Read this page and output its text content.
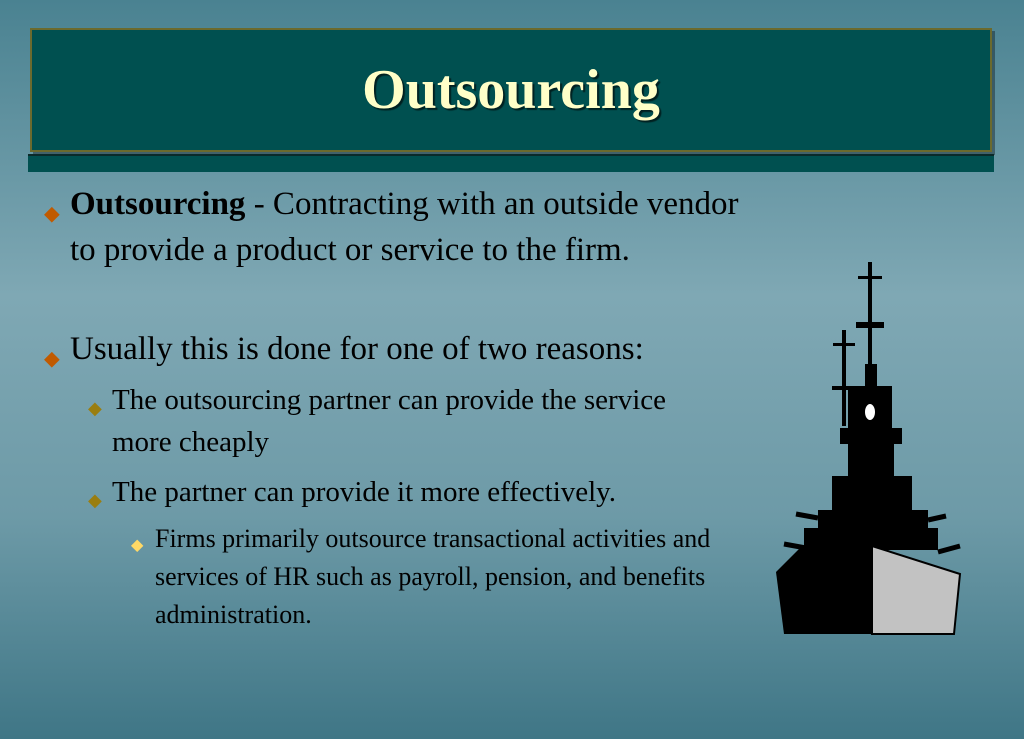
Outsourcing
◆ Outsourcing - Contracting with an outside vendor to provide a product or service to the firm.
◆ Usually this is done for one of two reasons:
◆ The outsourcing partner can provide the service more cheaply
◆ The partner can provide it more effectively.
◆ Firms primarily outsource transactional activities and services of HR such as payroll, pension, and benefits administration.
